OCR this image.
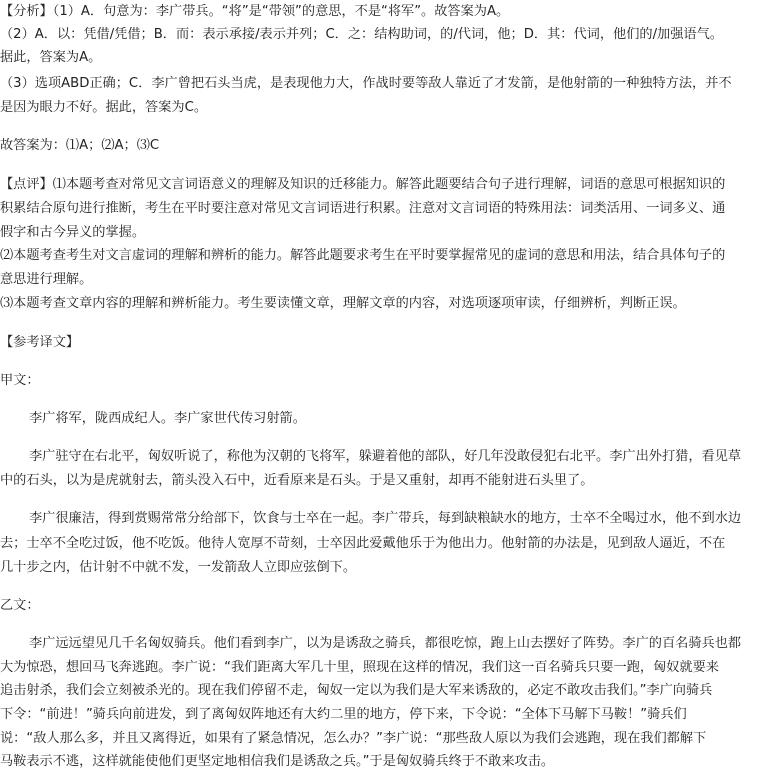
【分析】（1）A．句意为：李广带兵。“将”是“带领”的意思，不是“将军”。故答案为A。
（2）A．以：凭借/凭借；B．而：表示承接/表示并列；C．之：结构助词，的/代词，他；D．其：代词，他们的/加强语气。
据此，答案为A。
（3）选项ABD正确；C．李广曾把石头当虎，是表现他力大，作战时要等敌人靠近了才发箭，是他射箭的一种独特方法，并不
是因为眼力不好。据此，答案为C。
故答案为：⑴A；⑵A；⑶C
【点评】⑴本题考查对常见文言词语意义的理解及知识的迁移能力。解答此题要结合句子进行理解，词语的意思可根据知识的
积累结合原句进行推断，考生在平时要注意对常见文言词语进行积累。注意对文言词语的特殊用法：词类活用、一词多义、通
假字和古今异义的掌握。
⑵本题考查考生对文言虚词的理解和辨析的能力。解答此题要求考生在平时要掌握常见的虚词的意思和用法，结合具体句子的
意思进行理解。
⑶本题考查文章内容的理解和辨析能力。考生要读懂文章，理解文章的内容，对选项逐项审读，仔细辨析，判断正误。
【参考译文】
甲文：
李广将军，陇西成纪人。李广家世代传习射箭。
李广驻守在右北平，匈奴听说了，称他为汉朝的飞将军，躲避着他的部队，好几年没敢侵犯右北平。李广出外打猎，看见草
中的石头，以为是虎就射去，箭头没入石中，近看原来是石头。于是又重射，却再不能射进石头里了。
李广很廉洁，得到赏赐常常分给部下，饮食与士卒在一起。李广带兵，每到缺粮缺水的地方，士卒不全喝过水，他不到水边
去；士卒不全吃过饭，他不吃饭。他待人宽厚不苛刻，士卒因此爱戴他乐于为他出力。他射箭的办法是，见到敌人逼近，不在
几十步之内，估计射不中就不发，一发箭敌人立即应弦倒下。
乙文：
李广远远望见几千名匈奴骑兵。他们看到李广，以为是诱敌之骑兵，都很吃惊，跑上山去摆好了阵势。李广的百名骑兵也都
大为惊恐，想回马飞奔逃跑。李广说：“我们距离大军几十里，照现在这样的情况，我们这一百名骑兵只要一跑，匈奴就要来
追击射杀，我们会立刻被杀光的。现在我们停留不走，匈奴一定以为我们是大军来诱敌的，必定不敢攻击我们。”李广向骑兵
下令：“前进！”骑兵向前进发，到了离匈奴阵地还有大约二里的地方，停下来，下令说：“全体下马解下马鞍！”骑兵们
说：“敌人那么多，并且又离得近，如果有了紧急情况，怎么办？”李广说：“那些敌人原以为我们会逃跑，现在我们都解下
马鞍表示不逃，这样就能使他们更坚定地相信我们是诱敌之兵。”于是匈奴骑兵终于不敢来攻击。
